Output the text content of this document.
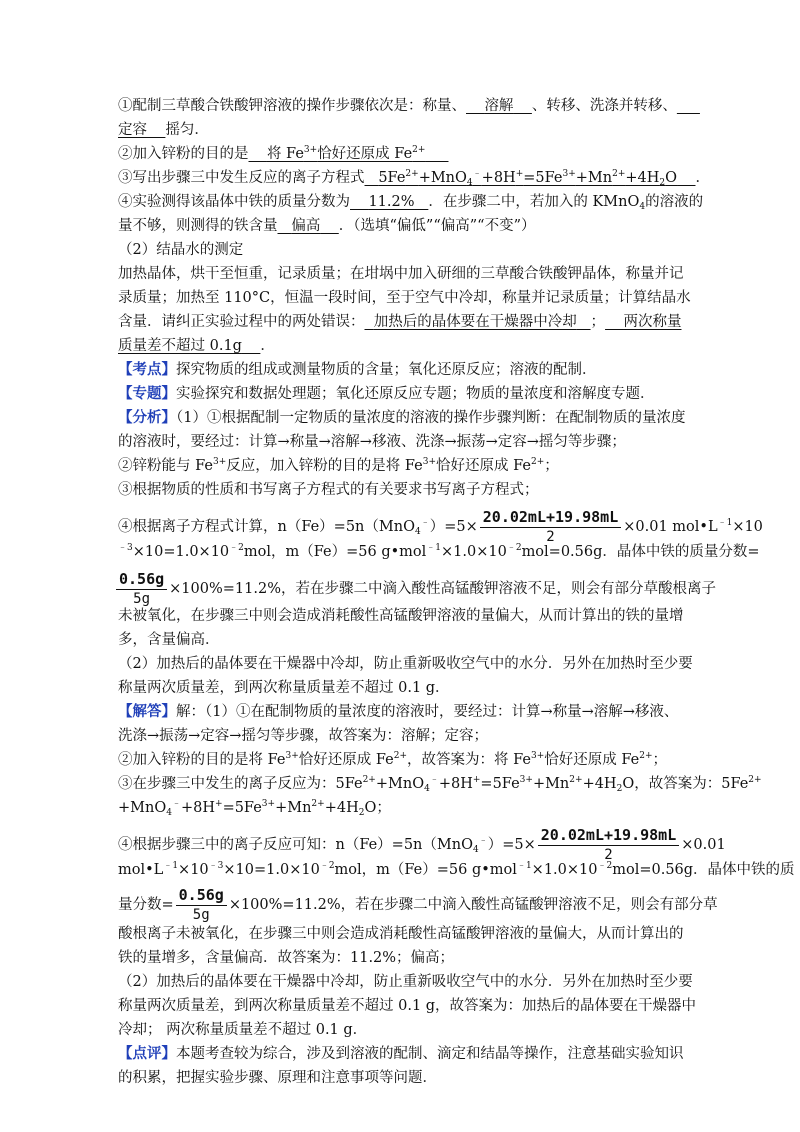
①配制三草酸合铁酸钾溶液的操作步骤依次是：称量、 溶解 、转移、洗涤并转移、
定容 摇匀．
②加入锌粉的目的是 将 $Fe^{3+}$恰好还原成 $Fe^{2+}$
③写出步骤三中发生反应的离子方程式 $5Fe^{2+}+MnO_4^﹣+8H^+=5Fe^{3+}+Mn^{2+}+4H_2O$ ．
④实验测得该晶体中铁的质量分数为 11.2% ．在步骤二中，若加入的 KMnO$_4$的溶液的
量不够，则测得的铁含量 偏高 ．（选填“偏低”“偏高”“不变”）
（2）结晶水的测定
加热晶体，烘干至恒重，记录质量；在坩埚中加入研细的三草酸合铁酸钾晶体，称量并记
录质量；加热至 110°C，恒温一段时间，至于空气中冷却，称量并记录质量；计算结晶水
含量．请纠正实验过程中的两处错误： 加热后的晶体要在干燥器中冷却 ； 两次称量
质量差不超过 0.1g ．
【考点】探究物质的组成或测量物质的含量；氧化还原反应；溶液的配制．
【专题】实验探究和数据处理题；氧化还原反应专题；物质的量浓度和溶解度专题．
【分析】（1）①根据配制一定物质的量浓度的溶液的操作步骤判断：在配制物质的量浓度
的溶液时，要经过：计算→称量→溶解→移液、洗涤→振荡→定容→摇匀等步骤；
②锌粉能与 $Fe^{3+}$反应，加入锌粉的目的是将 $Fe^{3+}$恰好还原成 $Fe^{2+}$；
③根据物质的性质和书写离子方程式的有关要求书写离子方程式；
④根据离子方程式计算，$n(Fe)=5n(MnO_4^﹣)=5\times \frac{20.02mL+19.98mL}{2} \times 0.01$ $mol•L^{﹣1}\times 10$
$^{﹣3}\times 10=1.0\times 10^{﹣2}mol$，m（Fe）=56 $g•mol^{﹣1}\times 1.0\times 10^{﹣2}mol=0.56g$．晶体中铁的质量分数=
$\frac{0.56g}{5g} \times 100\%=11.2\%$，若在步骤二中滴入酸性高锰酸钾溶液不足，则会有部分草酸根离子
未被氧化，在步骤三中则会造成消耗酸性高锰酸钾溶液的量偏大，从而计算出的铁的量增
多，含量偏高．
（2）加热后的晶体要在干燥器中冷却，防止重新吸收空气中的水分．另外在加热时至少要
称量两次质量差，到两次称量质量差不超过 0.1 g．
【解答】解：（1）①在配制物质的量浓度的溶液时，要经过：计算→称量→溶解→移液、
洗涤→振荡→定容→摇匀等步骤，故答案为：溶解；定容；
②加入锌粉的目的是将 $Fe^{3+}$恰好还原成 $Fe^{2+}$，故答案为：将 $Fe^{3+}$恰好还原成 $Fe^{2+}$；
③在步骤三中发生的离子反应为：$5Fe^{2+}+MnO_4^﹣+8H^+=5Fe^{3+}+Mn^{2+}+4H_2O$，故答案为：$5Fe^{2+}$
$+MnO_4^﹣+8H^+=5Fe^{3+}+Mn^{2+}+4H_2O$；
④根据步骤三中的离子反应可知：$n(Fe)=5n(MnO_4^﹣)=5\times \frac{20.02mL+19.98mL}{2} \times 0.01$
$mol•L^{﹣1}\times 10^{﹣3}\times 10=1.0\times 10^{﹣2}mol$，m（Fe）=56 $g•mol^{﹣1}\times 1.0\times 10^{﹣2}mol=0.56g$．晶体中铁的质
量分数= $\frac{0.56g}{5g} \times 100\%=11.2\%$，若在步骤二中滴入酸性高锰酸钾溶液不足，则会有部分草
酸根离子未被氧化，在步骤三中则会造成消耗酸性高锰酸钾溶液的量偏大，从而计算出的
铁的量增多，含量偏高．故答案为：11.2%；偏高；
（2）加热后的晶体要在干燥器中冷却，防止重新吸收空气中的水分．另外在加热时至少要
称量两次质量差，到两次称量质量差不超过 0.1 g，故答案为：加热后的晶体要在干燥器中
冷却； 两次称量质量差不超过 0.1 g．
【点评】本题考查较为综合，涉及到溶液的配制、滴定和结晶等操作，注意基础实验知识
的积累，把握实验步骤、原理和注意事项等问题．
